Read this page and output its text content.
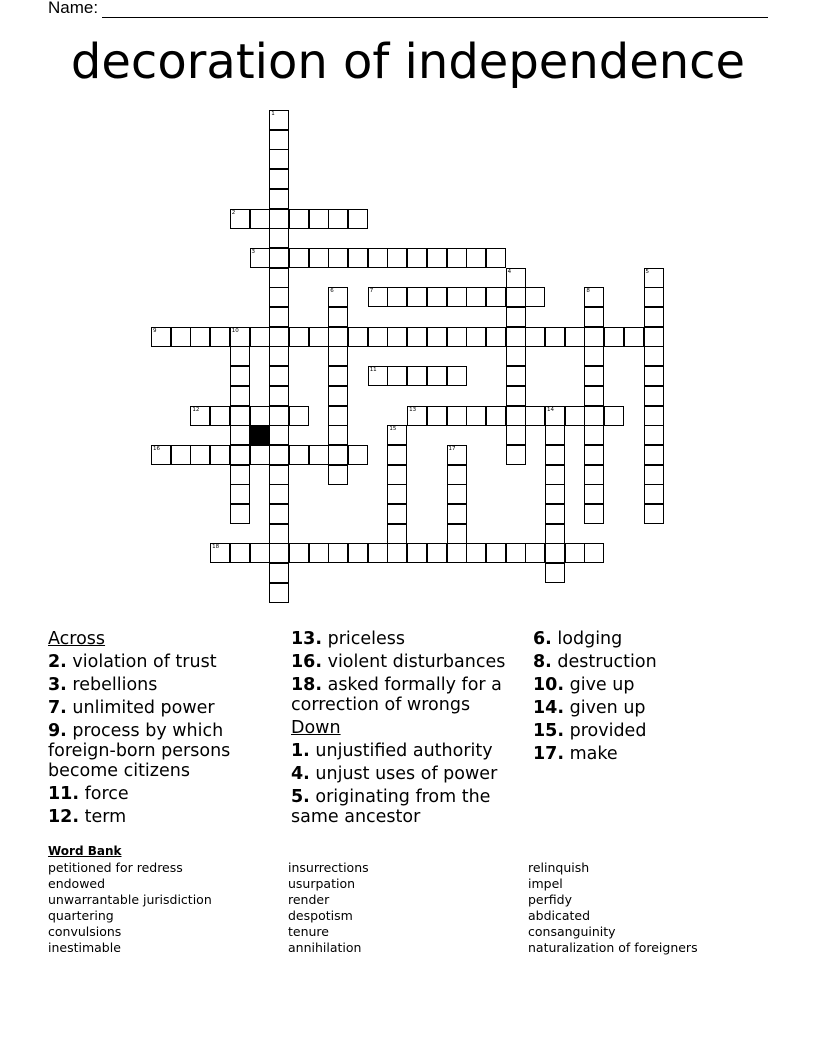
Name:
decoration of independence
1
2
3
4	5
6	7	8
9	10
11
12	13	14
15
16	17
18
Across
2. violation of trust
3. rebellions
7. unlimited power
9. process by which foreign-born persons become citizens
11. force
12. term
13. priceless
16. violent disturbances
18. asked formally for a correction of wrongs
Down
1. unjustified authority
4. unjust uses of power
5. originating from the same ancestor
6. lodging
8. destruction
10. give up
14. given up
15. provided
17. make
Word Bank
petitioned for redress
endowed
unwarrantable jurisdiction
quartering
convulsions
inestimable
insurrections
usurpation
render
despotism
tenure
annihilation
relinquish
impel
perfidy
abdicated
consanguinity
naturalization of foreigners
